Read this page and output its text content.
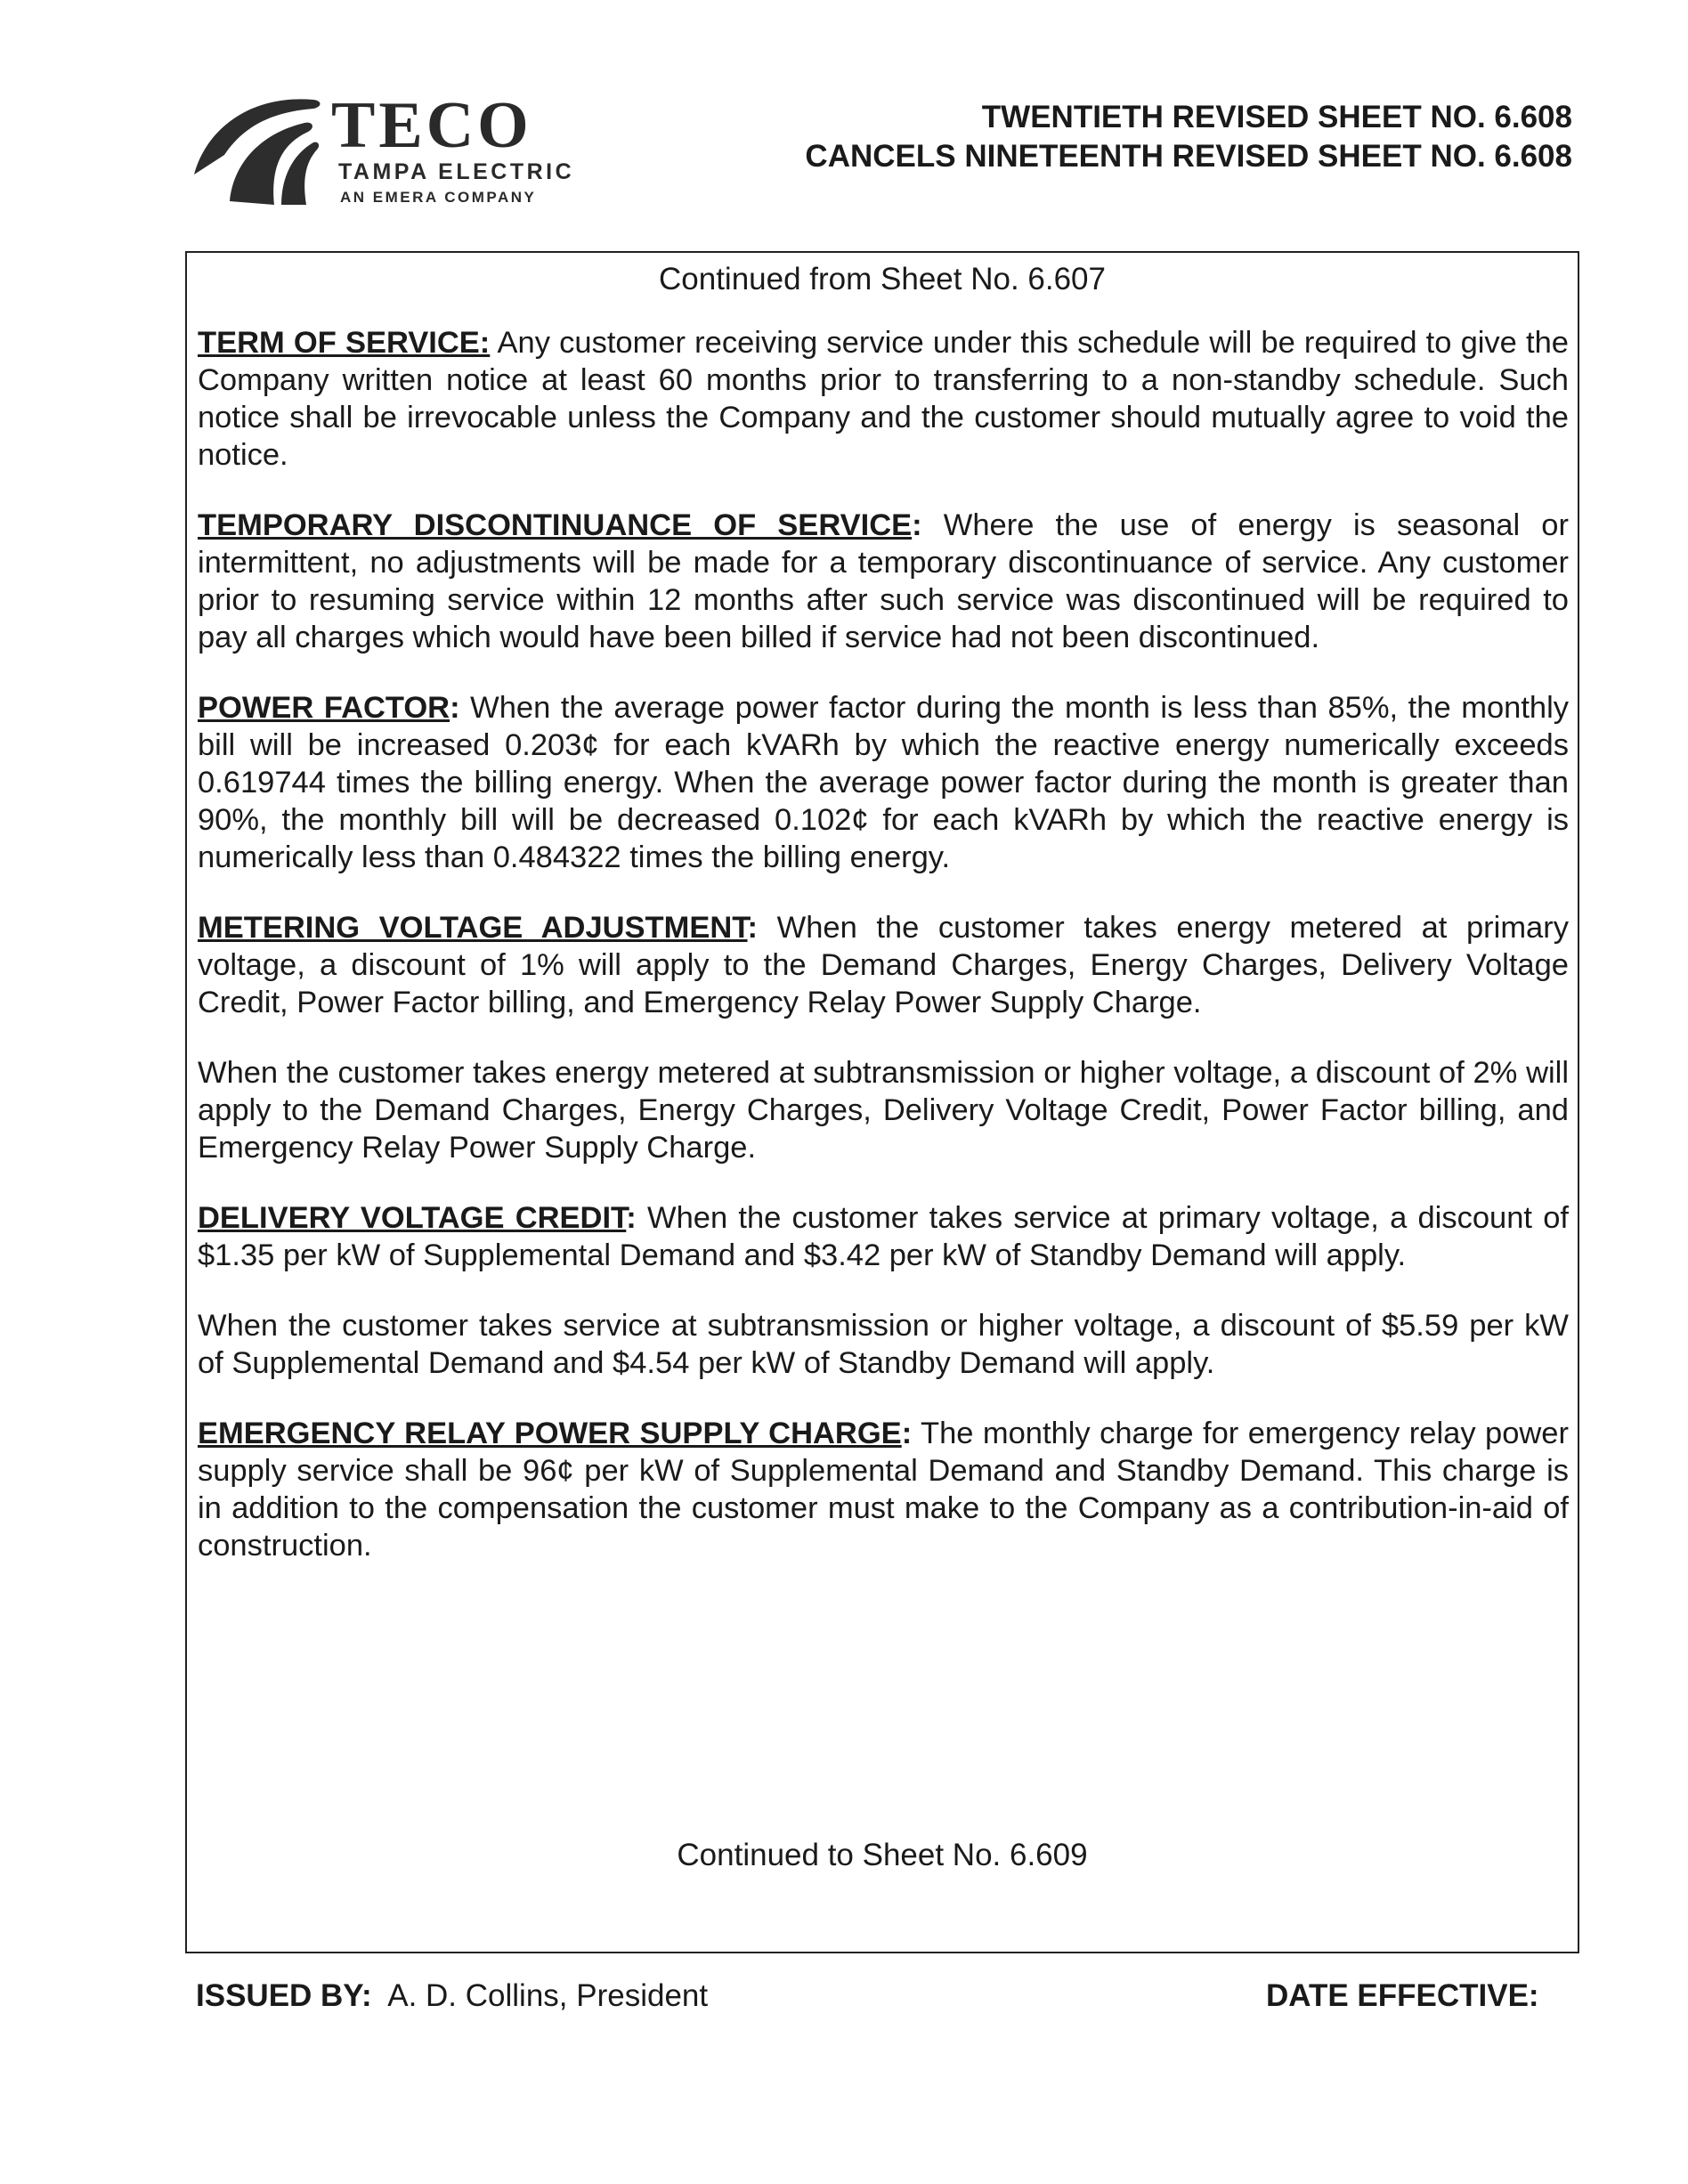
TECO
TAMPA ELECTRIC
AN EMERA COMPANY
TWENTIETH REVISED SHEET NO. 6.608
CANCELS NINETEENTH REVISED SHEET NO. 6.608
Continued from Sheet No. 6.607

TERM OF SERVICE: Any customer receiving service under this schedule will be required to give the Company written notice at least 60 months prior to transferring to a non-standby schedule. Such notice shall be irrevocable unless the Company and the customer should mutually agree to void the notice.

TEMPORARY DISCONTINUANCE OF SERVICE: Where the use of energy is seasonal or intermittent, no adjustments will be made for a temporary discontinuance of service. Any customer prior to resuming service within 12 months after such service was discontinued will be required to pay all charges which would have been billed if service had not been discontinued.

POWER FACTOR: When the average power factor during the month is less than 85%, the monthly bill will be increased 0.203¢ for each kVARh by which the reactive energy numerically exceeds 0.619744 times the billing energy. When the average power factor during the month is greater than 90%, the monthly bill will be decreased 0.102¢ for each kVARh by which the reactive energy is numerically less than 0.484322 times the billing energy.

METERING VOLTAGE ADJUSTMENT: When the customer takes energy metered at primary voltage, a discount of 1% will apply to the Demand Charges, Energy Charges, Delivery Voltage Credit, Power Factor billing, and Emergency Relay Power Supply Charge.

When the customer takes energy metered at subtransmission or higher voltage, a discount of 2% will apply to the Demand Charges, Energy Charges, Delivery Voltage Credit, Power Factor billing, and Emergency Relay Power Supply Charge.

DELIVERY VOLTAGE CREDIT: When the customer takes service at primary voltage, a discount of $1.35 per kW of Supplemental Demand and $3.42 per kW of Standby Demand will apply.

When the customer takes service at subtransmission or higher voltage, a discount of $5.59 per kW of Supplemental Demand and $4.54 per kW of Standby Demand will apply.

EMERGENCY RELAY POWER SUPPLY CHARGE: The monthly charge for emergency relay power supply service shall be 96¢ per kW of Supplemental Demand and Standby Demand. This charge is in addition to the compensation the customer must make to the Company as a contribution-in-aid of construction.

Continued to Sheet No. 6.609
ISSUED BY:  A. D. Collins, President	DATE EFFECTIVE:
